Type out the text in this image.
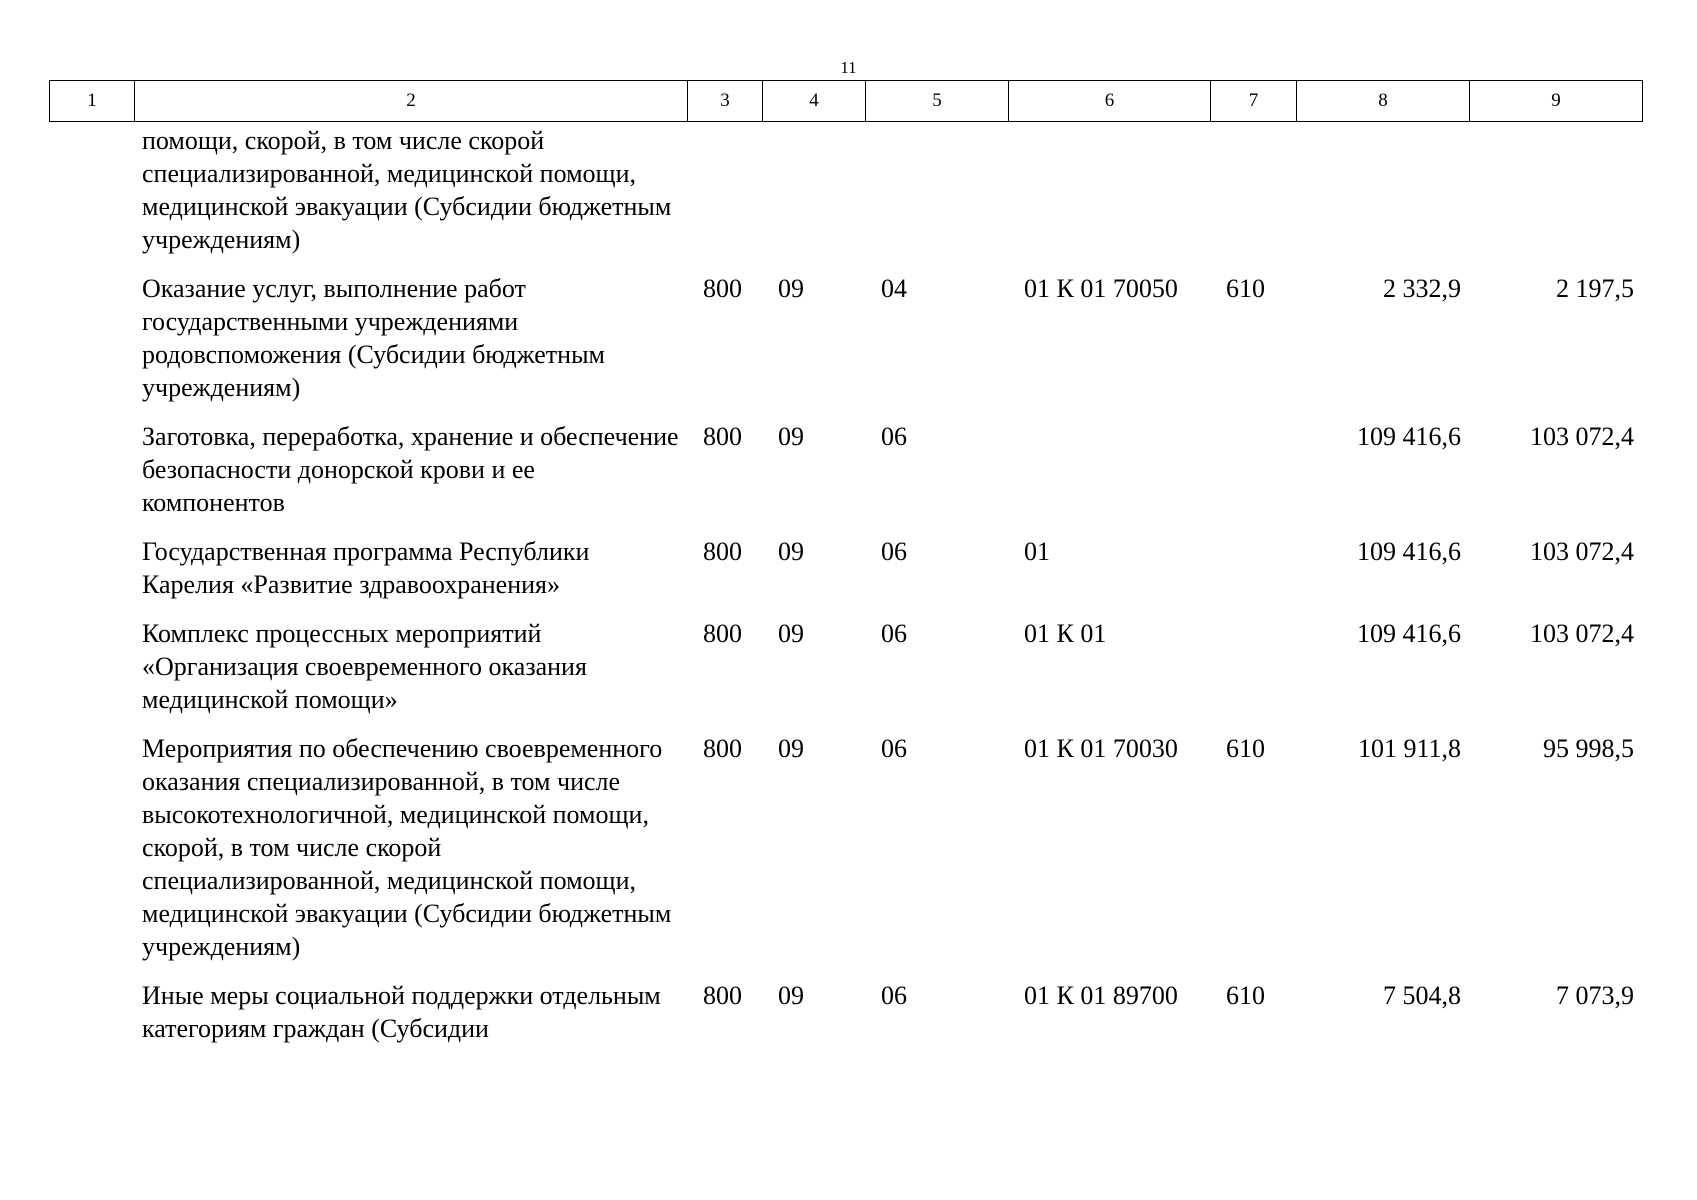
11
1	2	3	4	5	6	7	8	9
	помощи, скорой, в том числе скорой специализированной, медицинской помощи, медицинской эвакуации (Субсидии бюджетным учреждениям)							
	Оказание услуг, выполнение работ государственными учреждениями родовспоможения (Субсидии бюджетным учреждениям)	800	09	04	01 К 01 70050	610	2 332,9	2 197,5
	Заготовка, переработка, хранение и обеспечение безопасности донорской крови и ее компонентов	800	09	06			109 416,6	103 072,4
	Государственная программа Республики Карелия «Развитие здравоохранения»	800	09	06	01		109 416,6	103 072,4
	Комплекс процессных мероприятий «Организация своевременного оказания медицинской помощи»	800	09	06	01 К 01		109 416,6	103 072,4
	Мероприятия по обеспечению своевременного оказания специализированной, в том числе высокотехнологичной, медицинской помощи, скорой, в том числе скорой специализированной, медицинской помощи, медицинской эвакуации (Субсидии бюджетным учреждениям)	800	09	06	01 К 01 70030	610	101 911,8	95 998,5
	Иные меры социальной поддержки отдельным категориям граждан (Субсидии	800	09	06	01 К 01 89700	610	7 504,8	7 073,9
